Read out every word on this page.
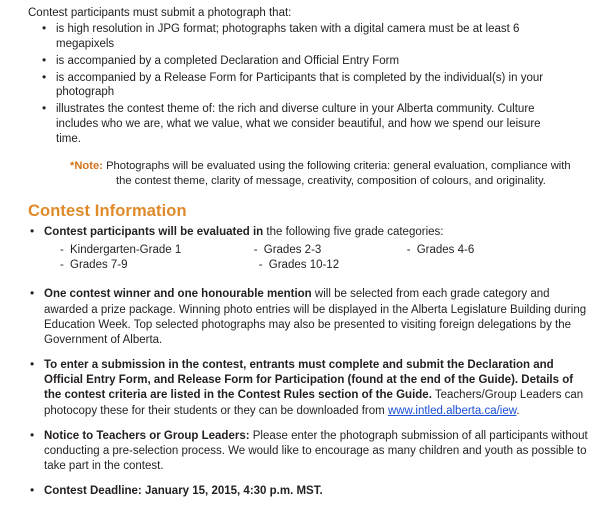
Contest participants must submit a photograph that:

• is high resolution in JPG format; photographs taken with a digital camera must be at least 6 megapixels
• is accompanied by a completed Declaration and Official Entry Form
• is accompanied by a Release Form for Participants that is completed by the individual(s) in your photograph
• illustrates the contest theme of: the rich and diverse culture in your Alberta community. Culture includes who we are, what we value, what we consider beautiful, and how we spend our leisure time.
*Note: Photographs will be evaluated using the following criteria: general evaluation, compliance with the contest theme, clarity of message, creativity, composition of colours, and originality.
Contest Information
• Contest participants will be evaluated in the following five grade categories:
- Kindergarten-Grade 1	- Grades 2-3	- Grades 4-6
- Grades 7-9	- Grades 10-12
• One contest winner and one honourable mention will be selected from each grade category and awarded a prize package. Winning photo entries will be displayed in the Alberta Legislature Building during Education Week. Top selected photographs may also be presented to visiting foreign delegations by the Government of Alberta.
• To enter a submission in the contest, entrants must complete and submit the Declaration and Official Entry Form, and Release Form for Participation (found at the end of the Guide). Details of the contest criteria are listed in the Contest Rules section of the Guide. Teachers/Group Leaders can photocopy these for their students or they can be downloaded from www.intled.alberta.ca/iew.
• Notice to Teachers or Group Leaders: Please enter the photograph submission of all participants without conducting a pre-selection process. We would like to encourage as many children and youth as possible to take part in the contest.
• Contest Deadline: January 15, 2015, 4:30 p.m. MST.
